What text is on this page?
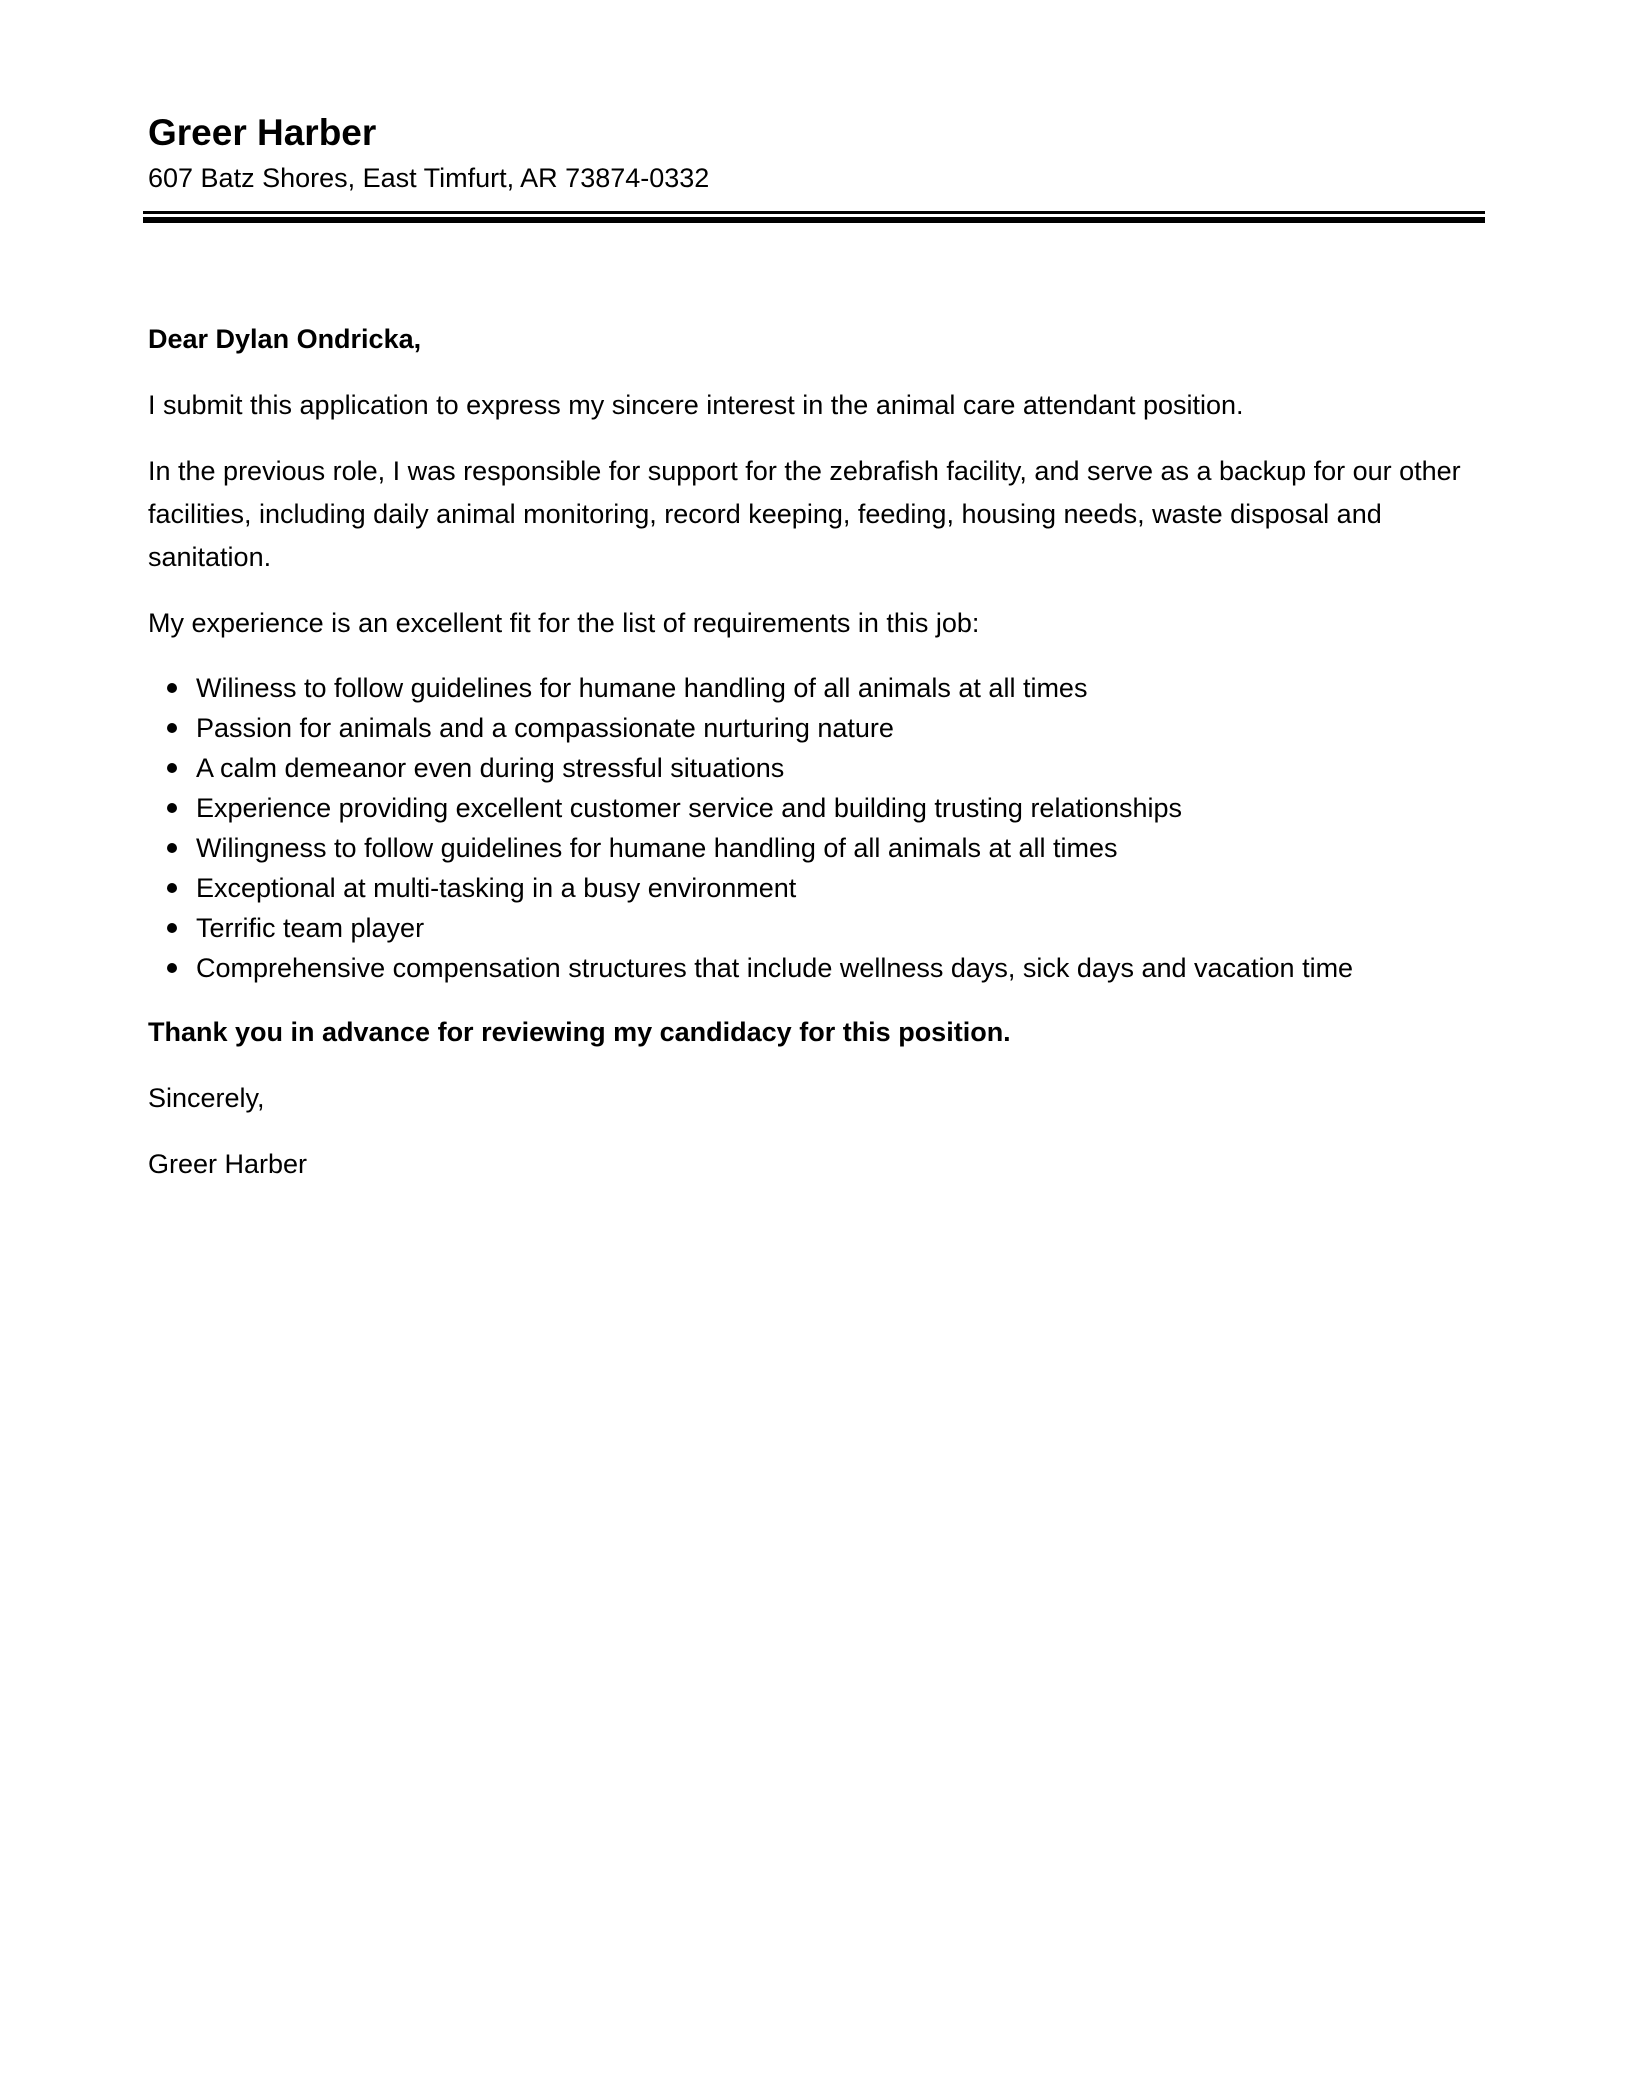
Greer Harber

607 Batz Shores, East Timfurt, AR 73874-0332

Dear Dylan Ondricka,

I submit this application to express my sincere interest in the animal care attendant position.

In the previous role, I was responsible for support for the zebrafish facility, and serve as a backup for our other facilities, including daily animal monitoring, record keeping, feeding, housing needs, waste disposal and sanitation.

My experience is an excellent fit for the list of requirements in this job:

Wiliness to follow guidelines for humane handling of all animals at all times
Passion for animals and a compassionate nurturing nature
A calm demeanor even during stressful situations
Experience providing excellent customer service and building trusting relationships
Wilingness to follow guidelines for humane handling of all animals at all times
Exceptional at multi-tasking in a busy environment
Terrific team player
Comprehensive compensation structures that include wellness days, sick days and vacation time

Thank you in advance for reviewing my candidacy for this position.

Sincerely,

Greer Harber
